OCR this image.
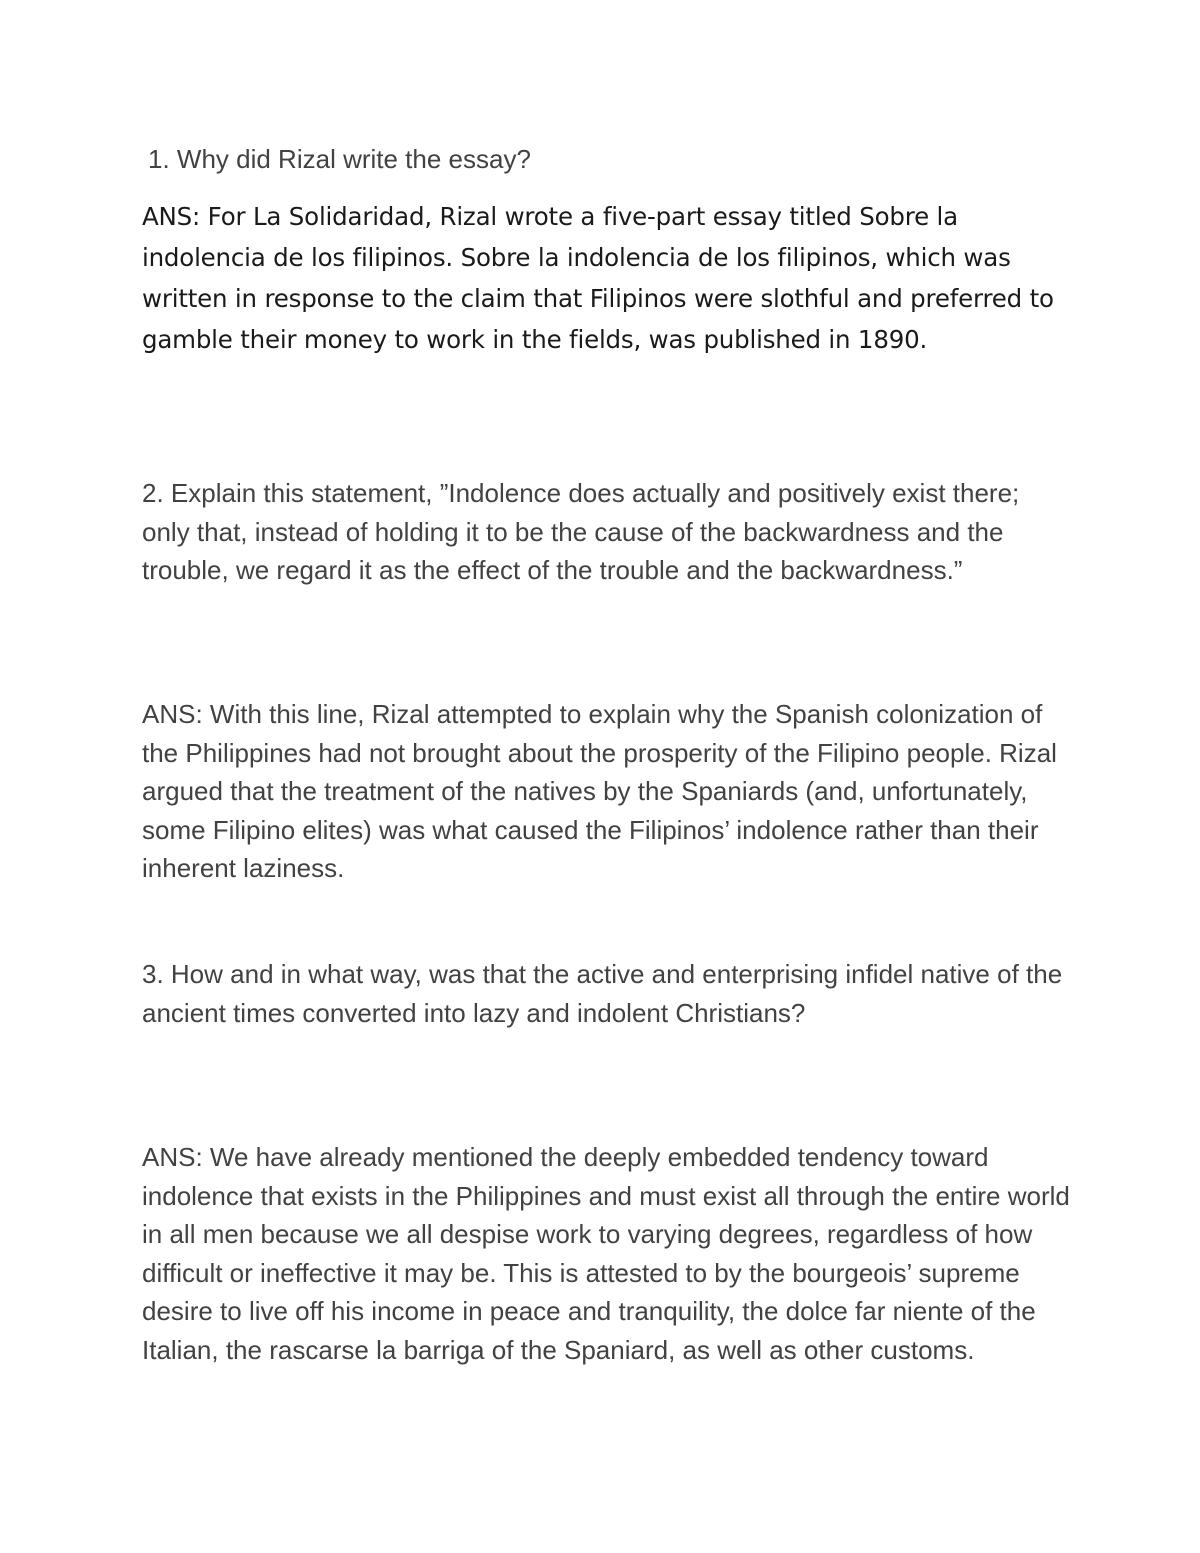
1. Why did Rizal write the essay?

ANS: For La Solidaridad, Rizal wrote a five-part essay titled Sobre la indolencia de los filipinos. Sobre la indolencia de los filipinos, which was written in response to the claim that Filipinos were slothful and preferred to gamble their money to work in the fields, was published in 1890.

2. Explain this statement, ”Indolence does actually and positively exist there; only that, instead of holding it to be the cause of the backwardness and the trouble, we regard it as the effect of the trouble and the backwardness.”

ANS: With this line, Rizal attempted to explain why the Spanish colonization of the Philippines had not brought about the prosperity of the Filipino people. Rizal argued that the treatment of the natives by the Spaniards (and, unfortunately, some Filipino elites) was what caused the Filipinos’ indolence rather than their inherent laziness.

3. How and in what way, was that the active and enterprising infidel native of the ancient times converted into lazy and indolent Christians?

ANS: We have already mentioned the deeply embedded tendency toward indolence that exists in the Philippines and must exist all through the entire world in all men because we all despise work to varying degrees, regardless of how difficult or ineffective it may be. This is attested to by the bourgeois’ supreme desire to live off his income in peace and tranquility, the dolce far niente of the Italian, the rascarse la barriga of the Spaniard, as well as other customs.
